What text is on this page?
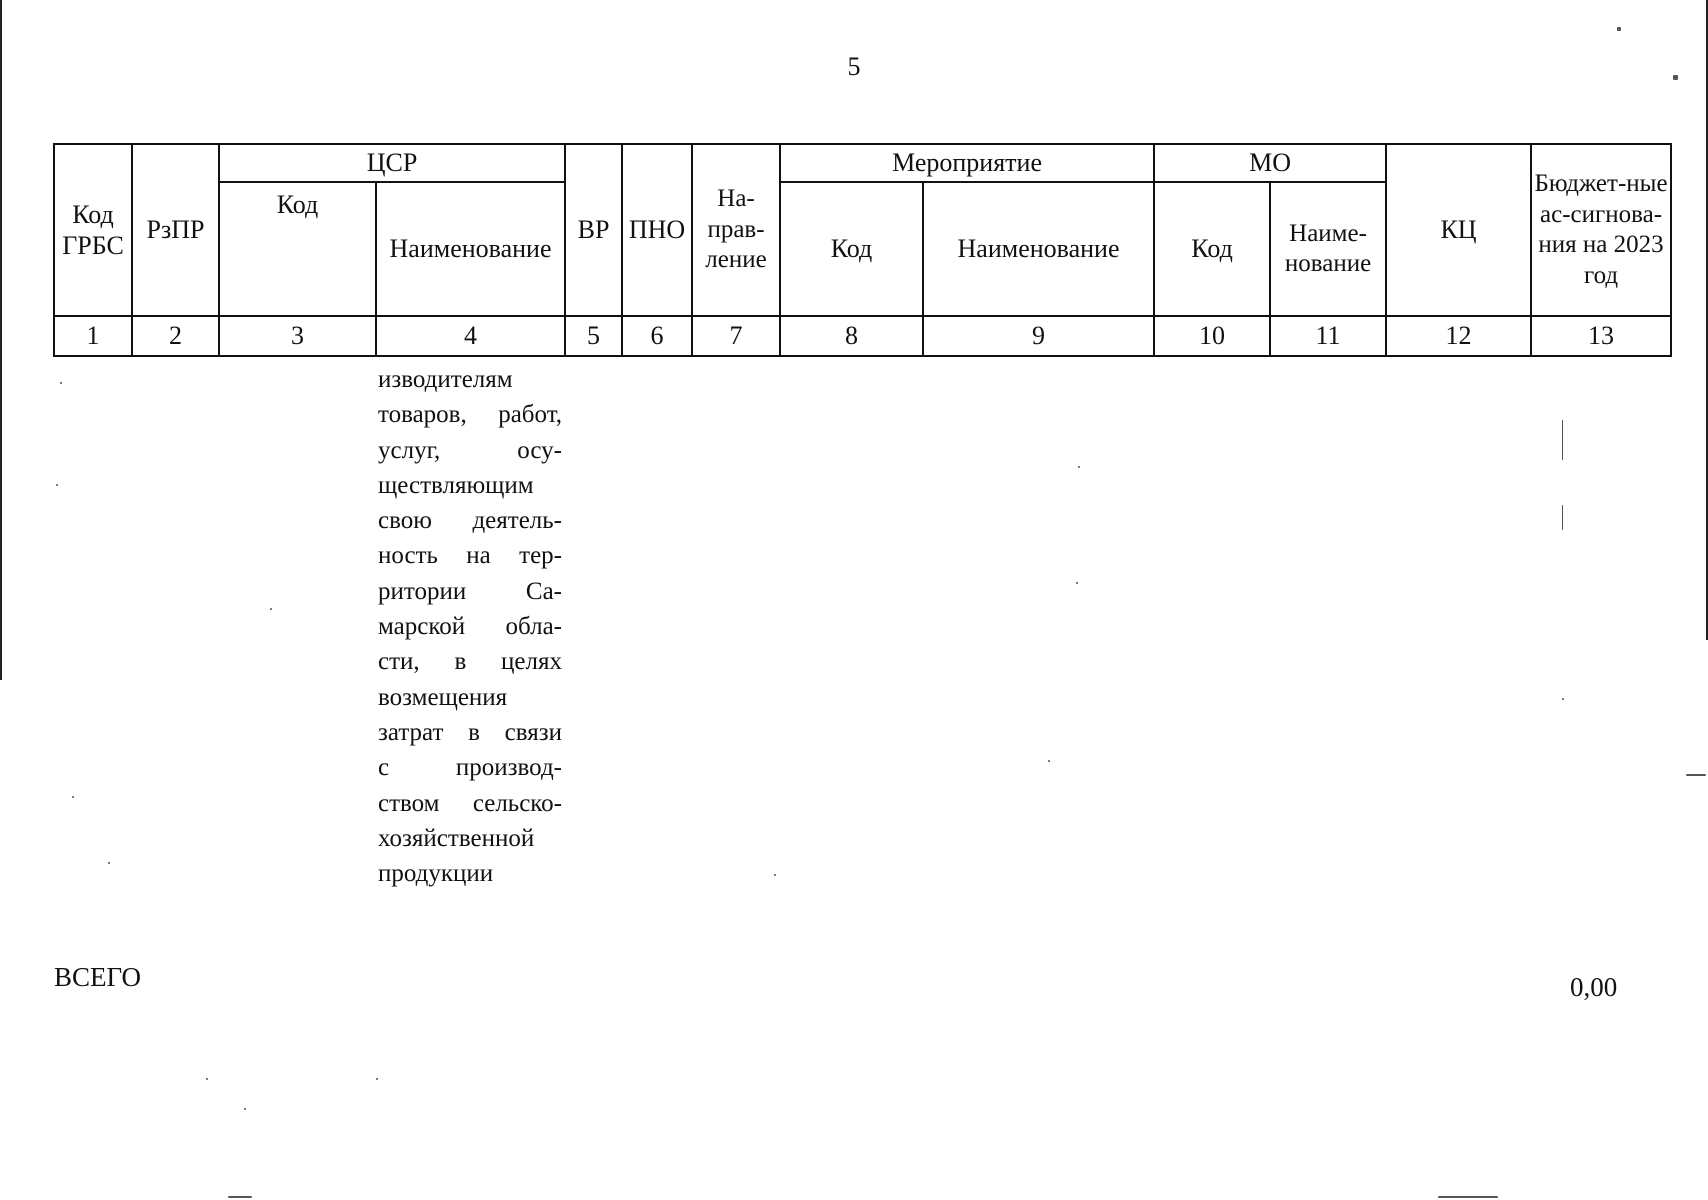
5
Код ГРБС	РзПР	ЦСР		ВР	ПНО	На-прав-ление	Мероприятие		МО		КЦ	Бюджет-ные ас-сигнова-ния на 2023 год
		Код	Наименование				Код	Наименование	Код	Наиме-нование		
1	2	3	4	5	6	7	8	9	10	11	12	13
изводителям
товаров, работ,
услуг, осу-
ществляющим
свою деятель-
ность на тер-
ритории Са-
марской обла-
сти, в целях
возмещения
затрат в связи
с производ-
ством сельско-
хозяйственной
продукции
ВСЕГО	0,00
